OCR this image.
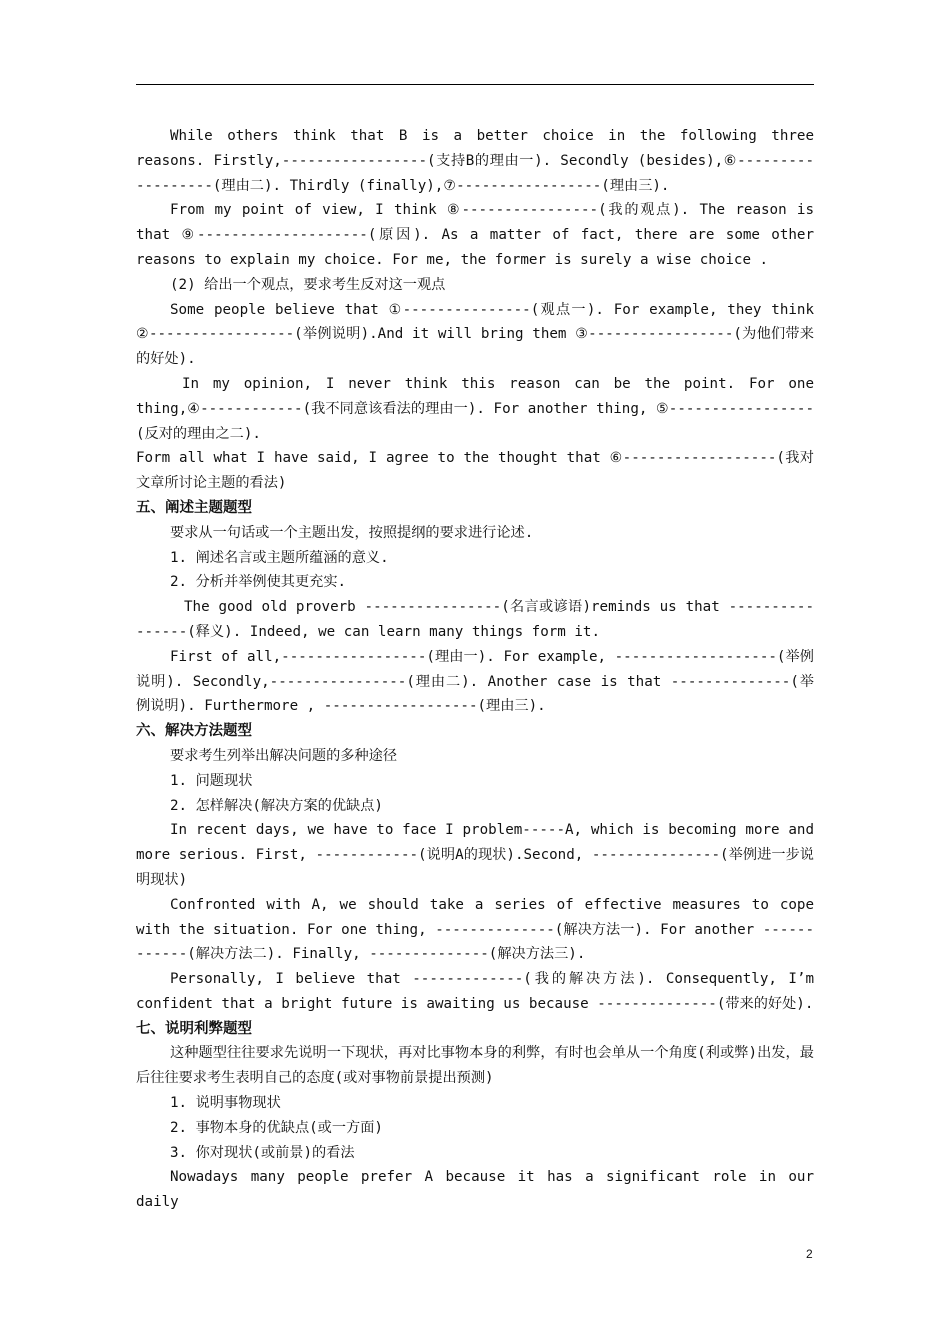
While others think that B is a better choice in the following three reasons. Firstly,-----------------(支持B的理由一). Secondly (besides),⑥------------------(理由二). Thirdly (finally),⑦-----------------(理由三).

From my point of view, I think ⑧----------------(我的观点). The reason is that ⑨--------------------(原因). As a matter of fact, there are some other reasons to explain my choice. For me, the former is surely a wise choice .

(2) 给出一个观点，要求考生反对这一观点

Some people believe that ①---------------(观点一). For example, they think ②-----------------(举例说明).And it will bring them ③-----------------(为他们带来的好处).

In my opinion, I never think this reason can be the point. For one thing,④------------(我不同意该看法的理由一). For another thing, ⑤-----------------(反对的理由之二).

Form all what I have said, I agree to the thought that ⑥------------------(我对文章所讨论主题的看法)

五、阐述主题题型

要求从一句话或一个主题出发，按照提纲的要求进行论述.

1. 阐述名言或主题所蕴涵的意义.

2. 分析并举例使其更充实.

The good old proverb ----------------(名言或谚语)reminds us that ----------------(释义). Indeed, we can learn many things form it.

First of all,-----------------(理由一). For example, -------------------(举例说明). Secondly,----------------(理由二). Another case is that --------------(举例说明). Furthermore , ------------------(理由三).

六、解决方法题型

要求考生列举出解决问题的多种途径

1. 问题现状

2. 怎样解决(解决方案的优缺点)

In recent days, we have to face I problem-----A, which is becoming more and more serious. First, ------------(说明A的现状).Second, ---------------(举例进一步说明现状)

Confronted with A, we should take a series of effective measures to cope with the situation. For one thing, --------------(解决方法一). For another ------------(解决方法二). Finally, --------------(解决方法三).

Personally, I believe that -------------(我的解决方法). Consequently, I’m confident that a bright future is awaiting us because --------------(带来的好处).

七、说明利弊题型

这种题型往往要求先说明一下现状，再对比事物本身的利弊，有时也会单从一个角度(利或弊)出发，最后往往要求考生表明自己的态度(或对事物前景提出预测)

1. 说明事物现状

2. 事物本身的优缺点(或一方面)

3. 你对现状(或前景)的看法

Nowadays many people prefer A because it has a significant role in our daily

2
